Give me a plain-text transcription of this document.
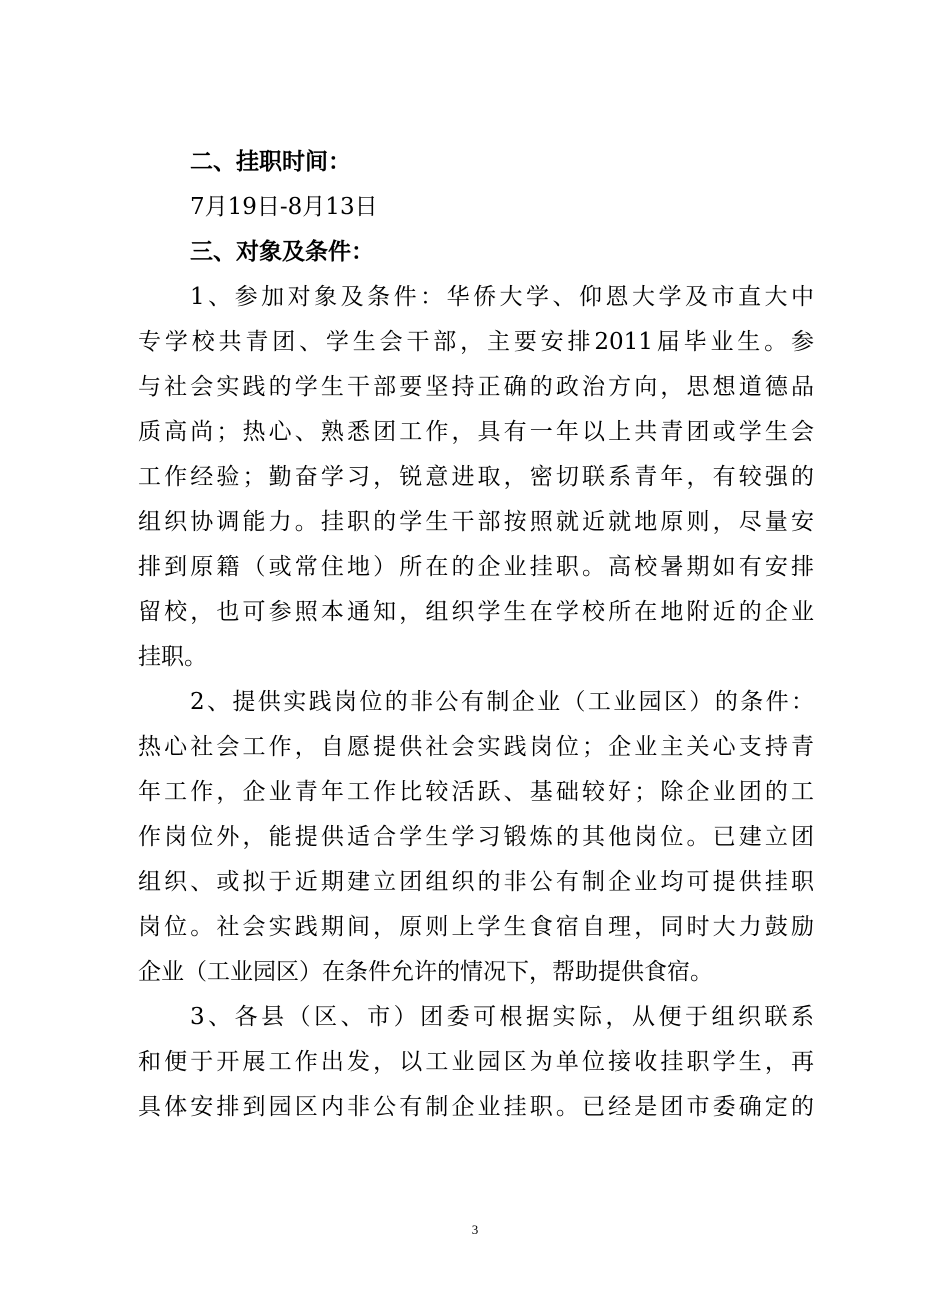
二、挂职时间：

7月19日-8月13日

三、对象及条件：

1、参加对象及条件：华侨大学、仰恩大学及市直大中

专学校共青团、学生会干部，主要安排2011届毕业生。参

与社会实践的学生干部要坚持正确的政治方向，思想道德品

质高尚；热心、熟悉团工作，具有一年以上共青团或学生会

工作经验；勤奋学习，锐意进取，密切联系青年，有较强的

组织协调能力。挂职的学生干部按照就近就地原则，尽量安

排到原籍（或常住地）所在的企业挂职。高校暑期如有安排

留校，也可参照本通知，组织学生在学校所在地附近的企业

挂职。

2、提供实践岗位的非公有制企业（工业园区）的条件：

热心社会工作，自愿提供社会实践岗位；企业主关心支持青

年工作，企业青年工作比较活跃、基础较好；除企业团的工

作岗位外，能提供适合学生学习锻炼的其他岗位。已建立团

组织、或拟于近期建立团组织的非公有制企业均可提供挂职

岗位。社会实践期间，原则上学生食宿自理，同时大力鼓励

企业（工业园区）在条件允许的情况下，帮助提供食宿。

3、各县（区、市）团委可根据实际，从便于组织联系

和便于开展工作出发，以工业园区为单位接收挂职学生，再

具体安排到园区内非公有制企业挂职。已经是团市委确定的

3
